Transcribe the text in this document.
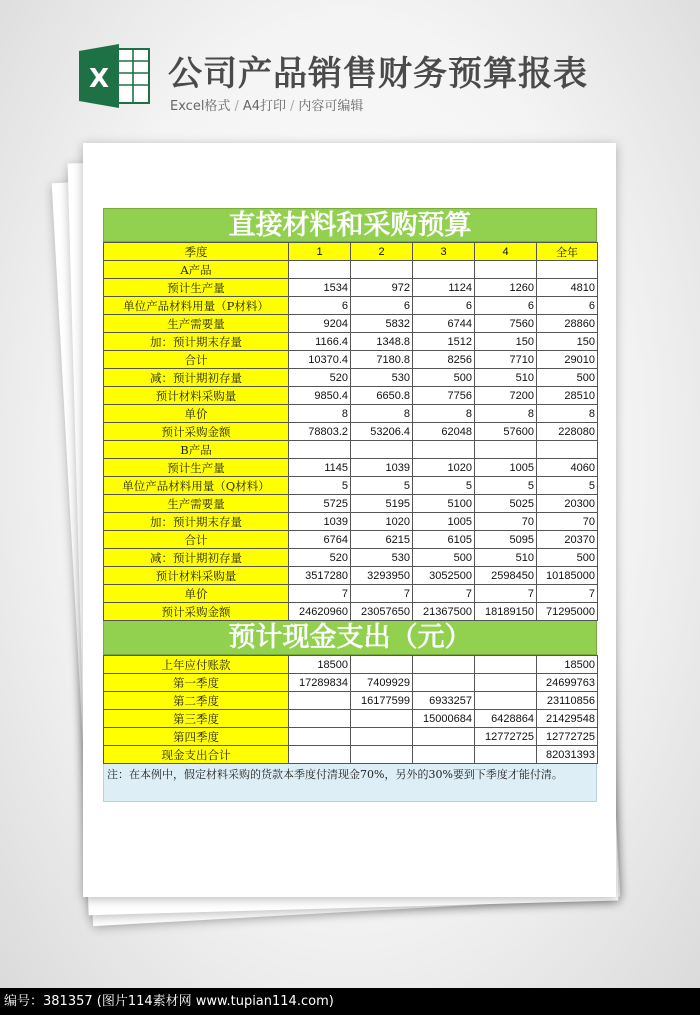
X 公司产品销售财务预算报表
Excel格式 / A4打印 / 内容可编辑
直接材料和采购预算
季度	1	2	3	4	全年
A产品					
预计生产量	1534	972	1124	1260	4810
单位产品材料用量（P材料）	6	6	6	6	6
生产需要量	9204	5832	6744	7560	28860
加：预计期末存量	1166.4	1348.8	1512	150	150
合计	10370.4	7180.8	8256	7710	29010
减：预计期初存量	520	530	500	510	500
预计材料采购量	9850.4	6650.8	7756	7200	28510
单价	8	8	8	8	8
预计采购金额	78803.2	53206.4	62048	57600	228080
B产品					
预计生产量	1145	1039	1020	1005	4060
单位产品材料用量（Q材料）	5	5	5	5	5
生产需要量	5725	5195	5100	5025	20300
加：预计期末存量	1039	1020	1005	70	70
合计	6764	6215	6105	5095	20370
减：预计期初存量	520	530	500	510	500
预计材料采购量	3517280	3293950	3052500	2598450	10185000
单价	7	7	7	7	7
预计采购金额	24620960	23057650	21367500	18189150	71295000
预计现金支出（元）
上年应付账款	18500				18500
第一季度	17289834	7409929			24699763
第二季度		16177599	6933257		23110856
第三季度			15000684	6428864	21429548
第四季度				12772725	12772725
现金支出合计					82031393
注：在本例中，假定材料采购的货款本季度付清现金70%，另外的30%要到下季度才能付清。
编号：381357 (图片114素材网 www.tupian114.com)
